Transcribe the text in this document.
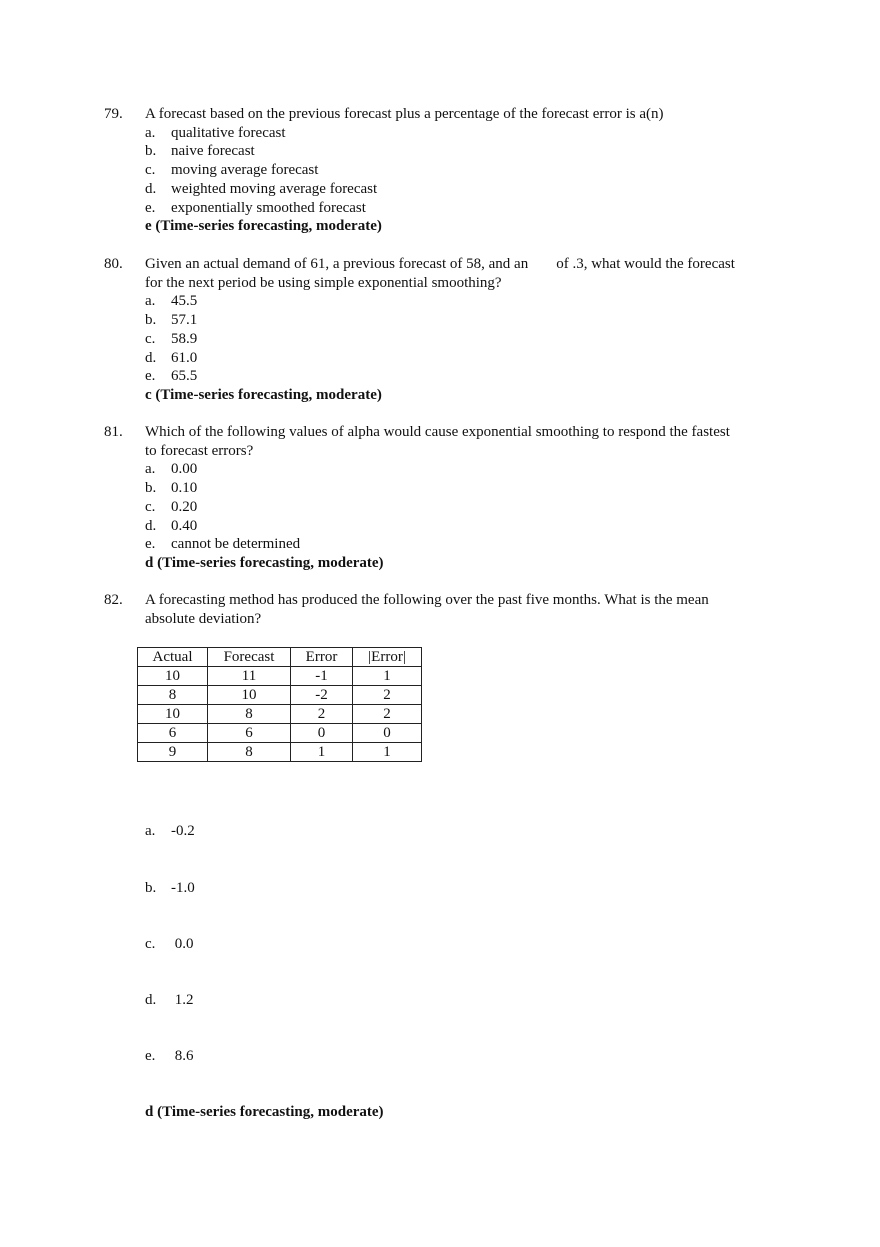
79. A forecast based on the previous forecast plus a percentage of the forecast error is a(n)
a. qualitative forecast
b. naive forecast
c. moving average forecast
d. weighted moving average forecast
e. exponentially smoothed forecast
e (Time-series forecasting, moderate)
80. Given an actual demand of 61, a previous forecast of 58, and an of .3, what would the forecast
for the next period be using simple exponential smoothing?
a. 45.5
b. 57.1
c. 58.9
d. 61.0
e. 65.5
c (Time-series forecasting, moderate)
81. Which of the following values of alpha would cause exponential smoothing to respond the fastest
to forecast errors?
a. 0.00
b. 0.10
c. 0.20
d. 0.40
e. cannot be determined
d (Time-series forecasting, moderate)
82. A forecasting method has produced the following over the past five months. What is the mean
absolute deviation?
Actual	Forecast	Error	|Error|
10	11	-1	1
8	10	-2	2
10	8	2	2
6	6	0	0
9	8	1	1

a. -0.2

b. -1.0

c. 0.0

d. 1.2

e. 8.6

d (Time-series forecasting, moderate)
